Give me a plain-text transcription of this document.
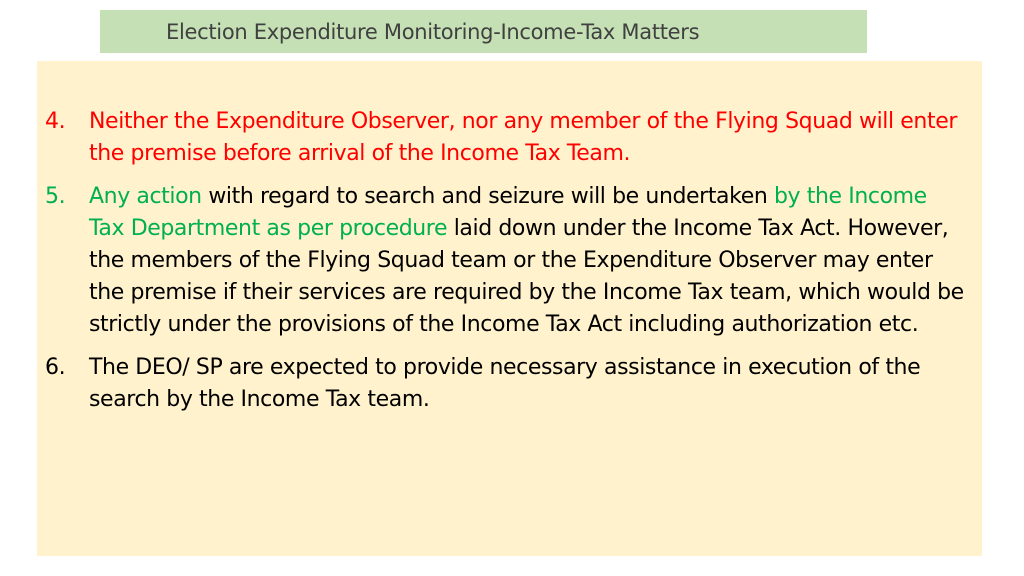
Election Expenditure Monitoring-Income-Tax Matters
4.	Neither the Expenditure Observer, nor any member of the Flying Squad will enter the premise before arrival of the Income Tax Team.
5.	Any action with regard to search and seizure will be undertaken by the Income Tax Department as per procedure laid down under the Income Tax Act. However, the members of the Flying Squad team or the Expenditure Observer may enter the premise if their services are required by the Income Tax team, which would be strictly under the provisions of the Income Tax Act including authorization etc.
6.	The DEO/ SP are expected to provide necessary assistance in execution of the search by the Income Tax team.
